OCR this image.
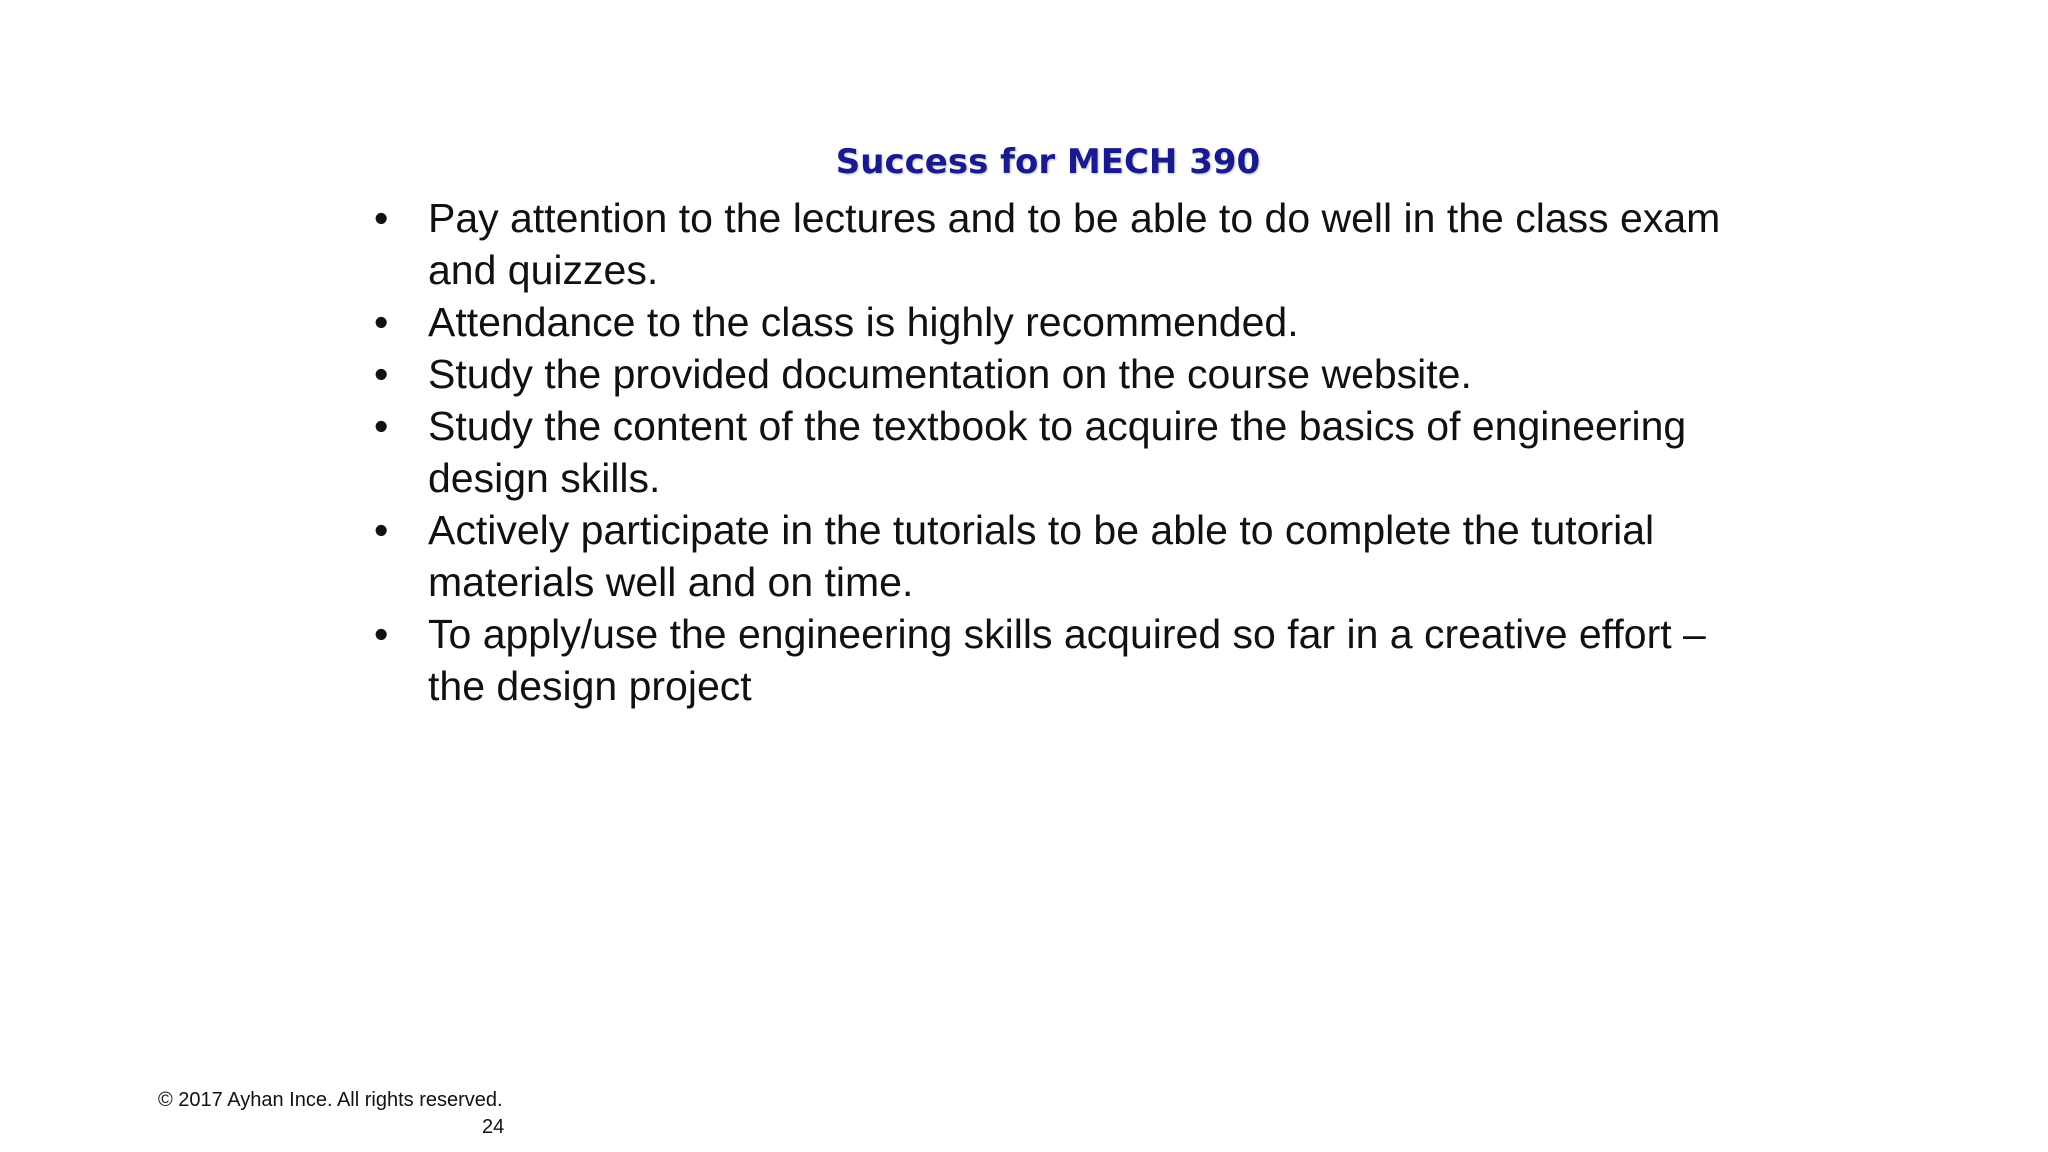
Success for MECH 390
• Pay attention to the lectures and to be able to do well in the class exam and quizzes.
• Attendance to the class is highly recommended.
• Study the provided documentation on the course website.
• Study the content of the textbook to acquire the basics of engineering design skills.
• Actively participate in the tutorials to be able to complete the tutorial materials well and on time.
• To apply/use the engineering skills acquired so far in a creative effort –the design project
© 2017 Ayhan Ince. All rights reserved.
24
